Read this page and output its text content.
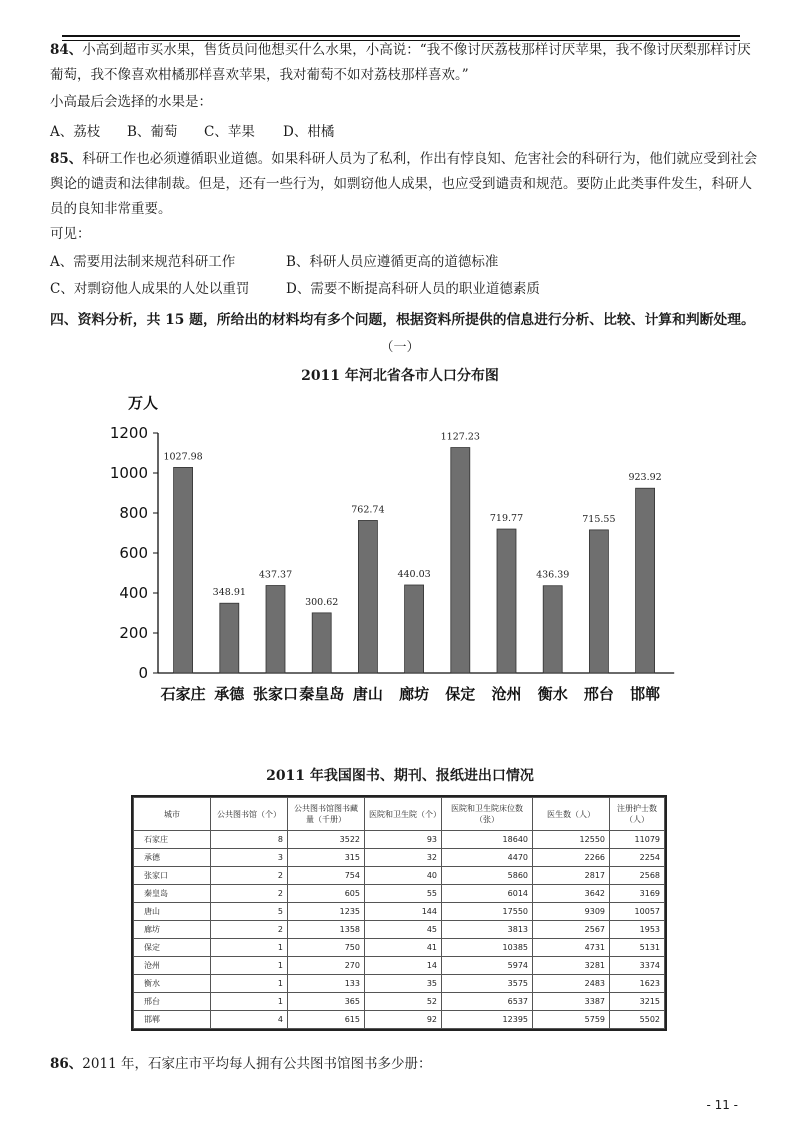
84、小高到超市买水果，售货员问他想买什么水果，小高说：“我不像讨厌荔枝那样讨厌苹果，我不像讨厌梨那样讨厌葡萄，我不像喜欢柑橘那样喜欢苹果，我对葡萄不如对荔枝那样喜欢。”

小高最后会选择的水果是：

A、荔枝 B、葡萄 C、苹果 D、柑橘

85、科研工作也必须遵循职业道德。如果科研人员为了私利，作出有悖良知、危害社会的科研行为，他们就应受到社会舆论的谴责和法律制裁。但是，还有一些行为，如剽窃他人成果，也应受到谴责和规范。要防止此类事件发生，科研人员的良知非常重要。

可见：

A、需要用法制来规范科研工作	B、科研人员应遵循更高的道德标准
C、对剽窃他人成果的人处以重罚	D、需要不断提高科研人员的职业道德素质
四、资料分析，共 15 题，所给出的材料均有多个问题，根据资料所提供的信息进行分析、比较、计算和判断处理。
（一）
2011 年河北省各市人口分布图
万人
0
200
400
600
800
1000
1200
1027.98
石家庄
348.91
承德
437.37
张家口
300.62
秦皇岛
762.74
唐山
440.03
廊坊
1127.23
保定
719.77
沧州
436.39
衡水
715.55
邢台
923.92
邯郸
2011 年我国图书、期刊、报纸进出口情况
城市	公共图书馆（个）	公共图书馆图书藏量（千册）	医院和卫生院（个）	医院和卫生院床位数（张）	医生数（人）	注册护士数（人）
石家庄	8	3522	93	18640	12550	11079
承德	3	315	32	4470	2266	2254
张家口	2	754	40	5860	2817	2568
秦皇岛	2	605	55	6014	3642	3169
唐山	5	1235	144	17550	9309	10057
廊坊	2	1358	45	3813	2567	1953
保定	1	750	41	10385	4731	5131
沧州	1	270	14	5974	3281	3374
衡水	1	133	35	3575	2483	1623
邢台	1	365	52	6537	3387	3215
邯郸	4	615	92	12395	5759	5502

86、2011 年，石家庄市平均每人拥有公共图书馆图书多少册：

- 11 -
